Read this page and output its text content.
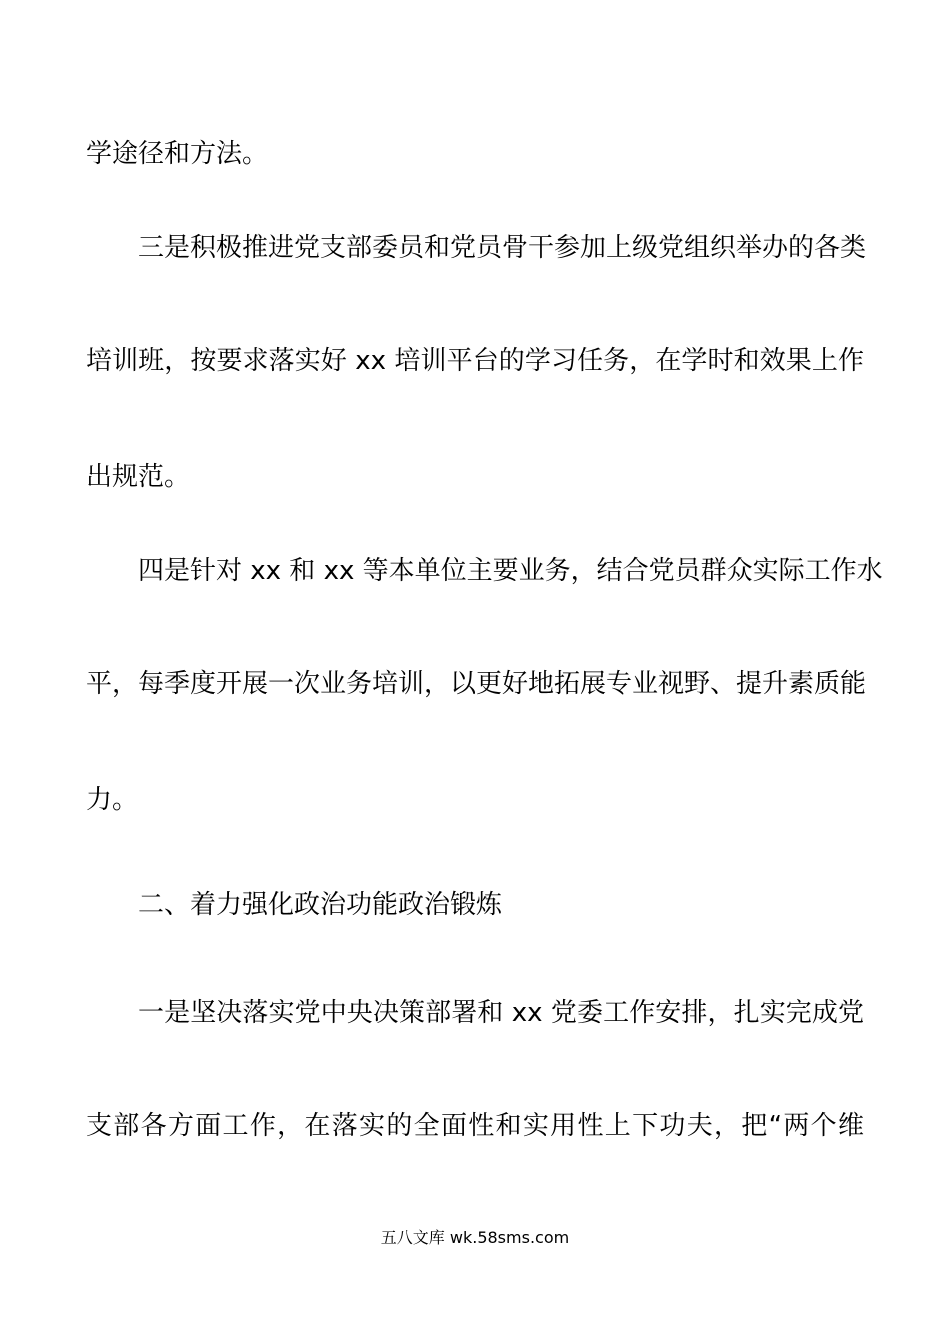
学途径和方法。
三是积极推进党支部委员和党员骨干参加上级党组织举办的各类
培训班，按要求落实好 xx 培训平台的学习任务，在学时和效果上作
出规范。
四是针对 xx 和 xx 等本单位主要业务，结合党员群众实际工作水
平，每季度开展一次业务培训，以更好地拓展专业视野、提升素质能
力。
二、着力强化政治功能政治锻炼
一是坚决落实党中央决策部署和 xx 党委工作安排，扎实完成党
支部各方面工作，在落实的全面性和实用性上下功夫，把“两个维
五八文库 wk.58sms.com
